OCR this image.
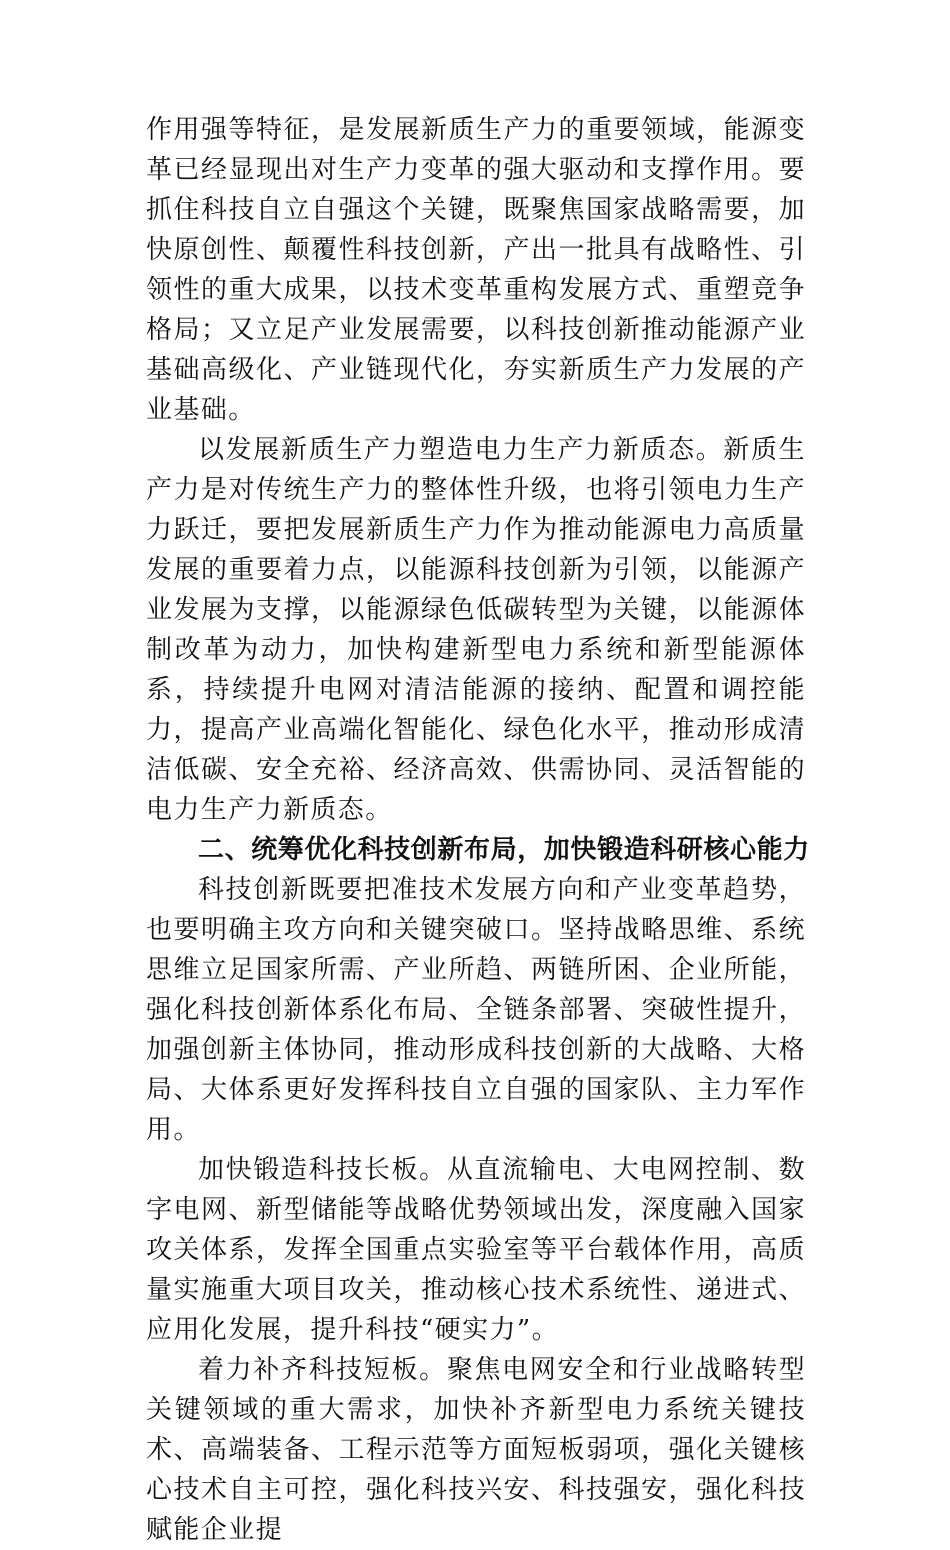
作用强等特征，是发展新质生产力的重要领域，能源变革已经显现出对生产力变革的强大驱动和支撑作用。要抓住科技自立自强这个关键，既聚焦国家战略需要，加快原创性、颠覆性科技创新，产出一批具有战略性、引领性的重大成果，以技术变革重构发展方式、重塑竞争格局；又立足产业发展需要，以科技创新推动能源产业基础高级化、产业链现代化，夯实新质生产力发展的产业基础。

以发展新质生产力塑造电力生产力新质态。新质生产力是对传统生产力的整体性升级，也将引领电力生产力跃迁，要把发展新质生产力作为推动能源电力高质量发展的重要着力点，以能源科技创新为引领，以能源产业发展为支撑，以能源绿色低碳转型为关键，以能源体制改革为动力，加快构建新型电力系统和新型能源体系，持续提升电网对清洁能源的接纳、配置和调控能力，提高产业高端化智能化、绿色化水平，推动形成清洁低碳、安全充裕、经济高效、供需协同、灵活智能的电力生产力新质态。

二、统筹优化科技创新布局，加快锻造科研核心能力

科技创新既要把准技术发展方向和产业变革趋势，也要明确主攻方向和关键突破口。坚持战略思维、系统思维立足国家所需、产业所趋、两链所困、企业所能，强化科技创新体系化布局、全链条部署、突破性提升，加强创新主体协同，推动形成科技创新的大战略、大格局、大体系更好发挥科技自立自强的国家队、主力军作用。

加快锻造科技长板。从直流输电、大电网控制、数字电网、新型储能等战略优势领域出发，深度融入国家攻关体系，发挥全国重点实验室等平台载体作用，高质量实施重大项目攻关，推动核心技术系统性、递进式、应用化发展，提升科技“硬实力”。

着力补齐科技短板。聚焦电网安全和行业战略转型关键领域的重大需求，加快补齐新型电力系统关键技术、高端装备、工程示范等方面短板弱项，强化关键核心技术自主可控，强化科技兴安、科技强安，强化科技赋能企业提
